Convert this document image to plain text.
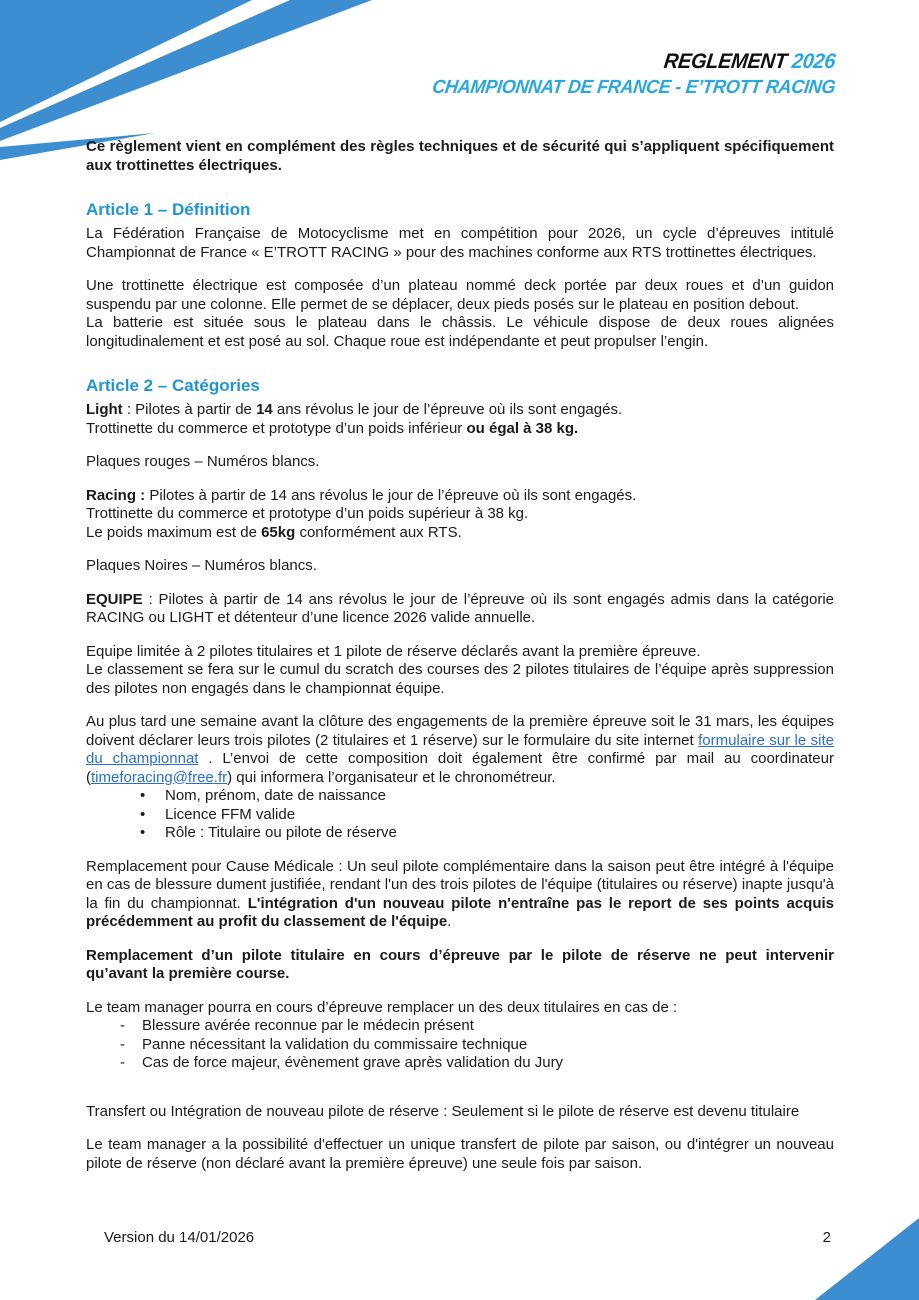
REGLEMENT 2026
CHAMPIONNAT DE FRANCE - E’TROTT RACING

Ce règlement vient en complément des règles techniques et de sécurité qui s’appliquent spécifiquement aux trottinettes électriques.

Article 1 – Définition

La Fédération Française de Motocyclisme met en compétition pour 2026, un cycle d’épreuves intitulé Championnat de France « E’TROTT RACING » pour des machines conforme aux RTS trottinettes électriques.

Une trottinette électrique est composée d’un plateau nommé deck portée par deux roues et d’un guidon suspendu par une colonne. Elle permet de se déplacer, deux pieds posés sur le plateau en position debout.
La batterie est située sous le plateau dans le châssis. Le véhicule dispose de deux roues alignées longitudinalement et est posé au sol. Chaque roue est indépendante et peut propulser l’engin.

Article 2 – Catégories

Light : Pilotes à partir de 14 ans révolus le jour de l’épreuve où ils sont engagés.
Trottinette du commerce et prototype d’un poids inférieur ou égal à 38 kg.

Plaques rouges – Numéros blancs.

Racing : Pilotes à partir de 14 ans révolus le jour de l’épreuve où ils sont engagés.
Trottinette du commerce et prototype d’un poids supérieur à 38 kg.
Le poids maximum est de 65kg conformément aux RTS.

Plaques Noires – Numéros blancs.

EQUIPE : Pilotes à partir de 14 ans révolus le jour de l’épreuve où ils sont engagés admis dans la catégorie RACING ou LIGHT et détenteur d’une licence 2026 valide annuelle.

Equipe limitée à 2 pilotes titulaires et 1 pilote de réserve déclarés avant la première épreuve.
Le classement se fera sur le cumul du scratch des courses des 2 pilotes titulaires de l’équipe après suppression des pilotes non engagés dans le championnat équipe.

Au plus tard une semaine avant la clôture des engagements de la première épreuve soit le 31 mars, les équipes doivent déclarer leurs trois pilotes (2 titulaires et 1 réserve) sur le formulaire du site internet formulaire sur le site du championnat . L’envoi de cette composition doit également être confirmé par mail au coordinateur (timeforacing@free.fr) qui informera l’organisateur et le chronométreur.

• Nom, prénom, date de naissance
• Licence FFM valide
• Rôle : Titulaire ou pilote de réserve

Remplacement pour Cause Médicale : Un seul pilote complémentaire dans la saison peut être intégré à l'équipe en cas de blessure dument justifiée, rendant l'un des trois pilotes de l'équipe (titulaires ou réserve) inapte jusqu'à la fin du championnat. L'intégration d'un nouveau pilote n'entraîne pas le report de ses points acquis précédemment au profit du classement de l'équipe.

Remplacement d’un pilote titulaire en cours d’épreuve par le pilote de réserve ne peut intervenir qu’avant la première course.

Le team manager pourra en cours d’épreuve remplacer un des deux titulaires en cas de :

- Blessure avérée reconnue par le médecin présent
- Panne nécessitant la validation du commissaire technique
- Cas de force majeur, évènement grave après validation du Jury

Transfert ou Intégration de nouveau pilote de réserve : Seulement si le pilote de réserve est devenu titulaire

Le team manager a la possibilité d'effectuer un unique transfert de pilote par saison, ou d'intégrer un nouveau pilote de réserve (non déclaré avant la première épreuve) une seule fois par saison.

Version du 14/01/2026	2
